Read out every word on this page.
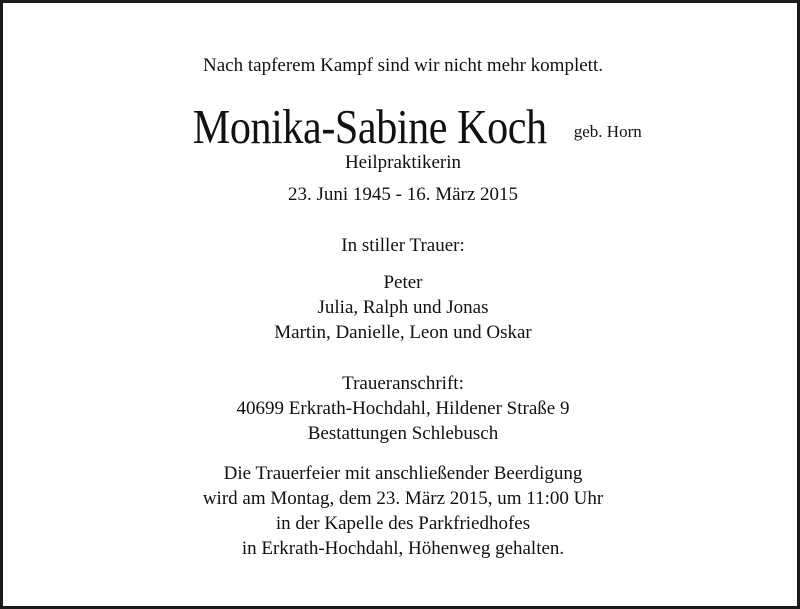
Nach tapferem Kampf sind wir nicht mehr komplett.
Monika-Sabine Koch geb. Horn
Heilpraktikerin
23. Juni 1945 - 16. März 2015
In stiller Trauer:
Peter
Julia, Ralph und Jonas
Martin, Danielle, Leon und Oskar
Traueranschrift:
40699 Erkrath-Hochdahl, Hildener Straße 9
Bestattungen Schlebusch
Die Trauerfeier mit anschließender Beerdigung
wird am Montag, dem 23. März 2015, um 11:00 Uhr
in der Kapelle des Parkfriedhofes
in Erkrath-Hochdahl, Höhenweg gehalten.
